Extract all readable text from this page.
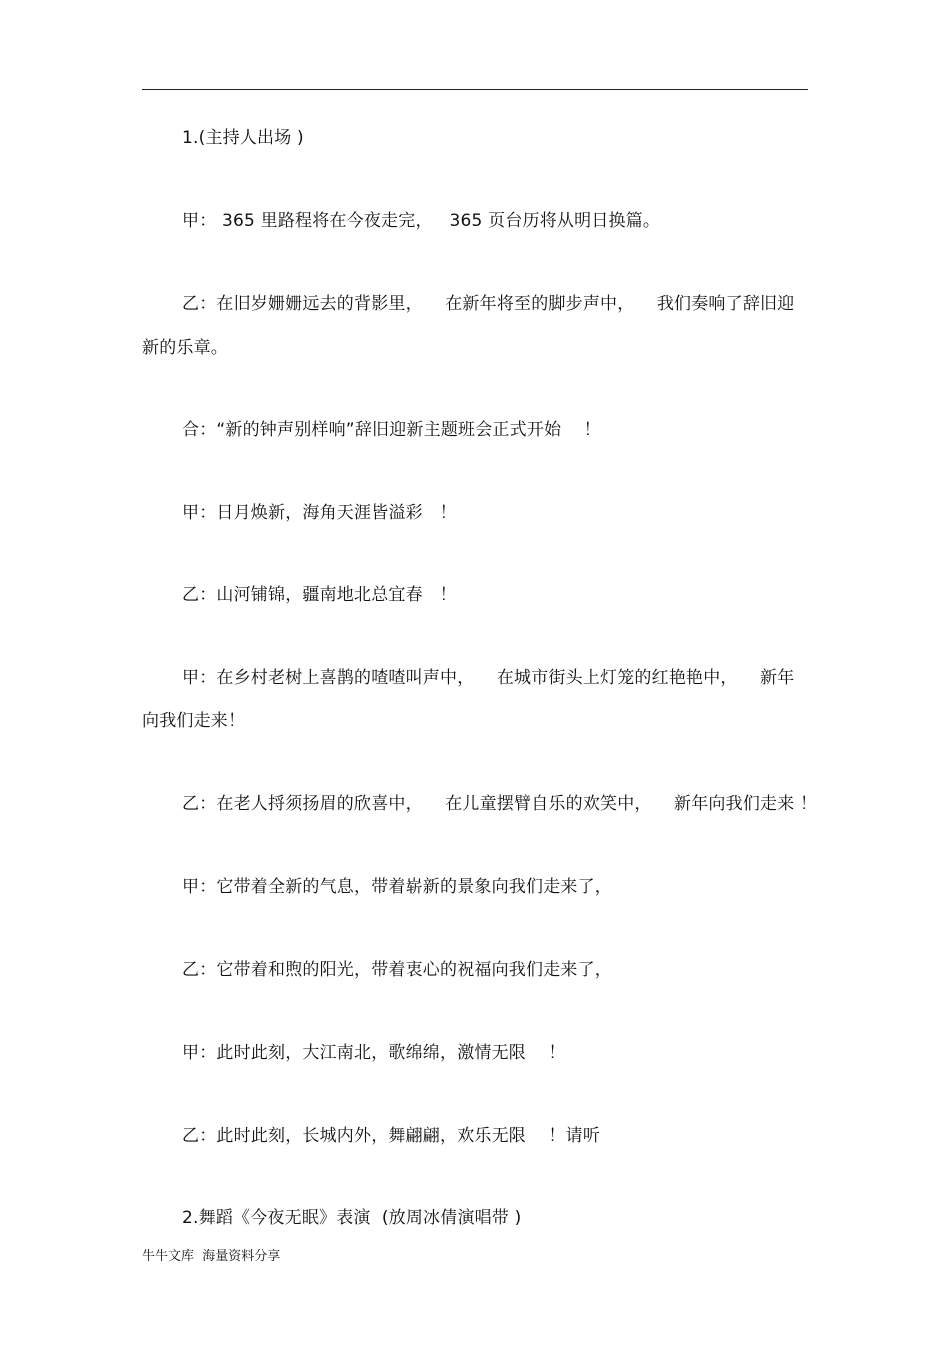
1.(主持人出场 )
甲： 365 里路程将在今夜走完，   365 页台历将从明日换篇。
乙：在旧岁姗姗远去的背影里，    在新年将至的脚步声中，    我们奏响了辞旧迎
新的乐章。
合：“新的钟声别样响”辞旧迎新主题班会正式开始    ！
甲：日月焕新，海角天涯皆溢彩   ！
乙：山河铺锦，疆南地北总宜春   ！
甲：在乡村老树上喜鹊的喳喳叫声中，    在城市街头上灯笼的红艳艳中，    新年
向我们走来！
乙：在老人捋须扬眉的欣喜中，    在儿童摆臂自乐的欢笑中，    新年向我们走来 ！
甲：它带着全新的气息，带着崭新的景象向我们走来了，
乙：它带着和煦的阳光，带着衷心的祝福向我们走来了，
甲：此时此刻，大江南北，歌绵绵，激情无限    ！
乙：此时此刻，长城内外，舞翩翩，欢乐无限    ！请听
2.舞蹈《今夜无眠》表演  (放周冰倩演唱带 )
牛牛文库  海量资料分享
